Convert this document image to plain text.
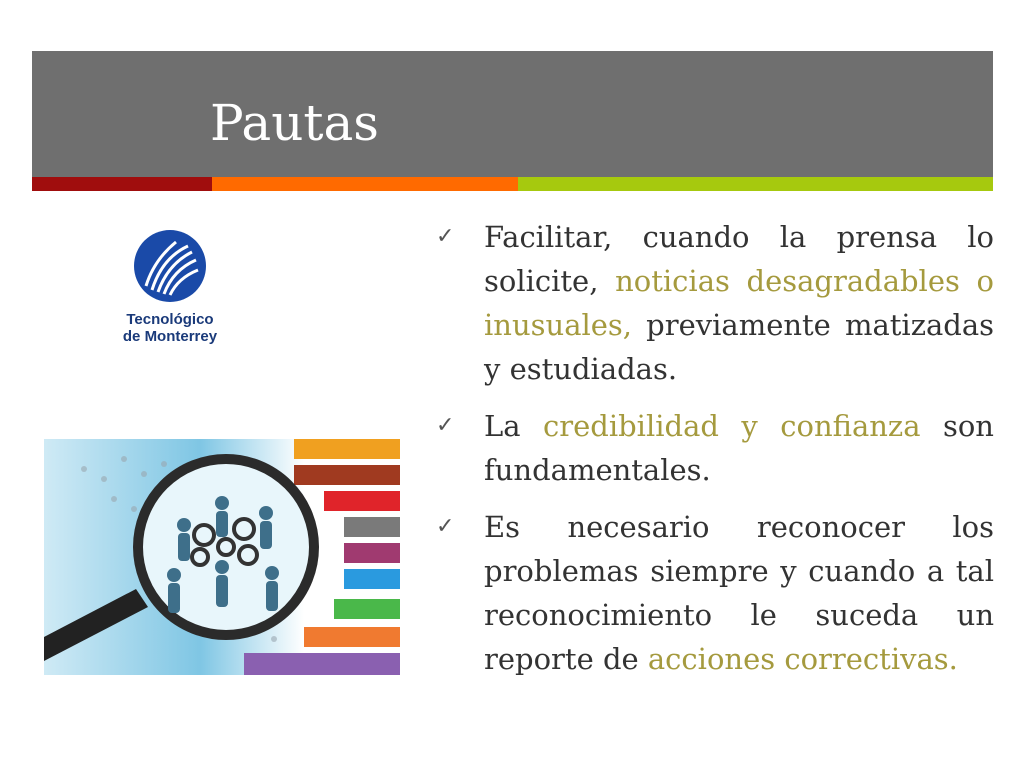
Pautas
Tecnológico
de Monterrey
✓ Facilitar, cuando la prensa lo solicite, noticias desagradables o inusuales, previamente matizadas y estudiadas.
✓ La credibilidad y confianza son fundamentales.
✓ Es necesario reconocer los problemas siempre y cuando a tal reconocimiento le suceda un reporte de acciones correctivas.
